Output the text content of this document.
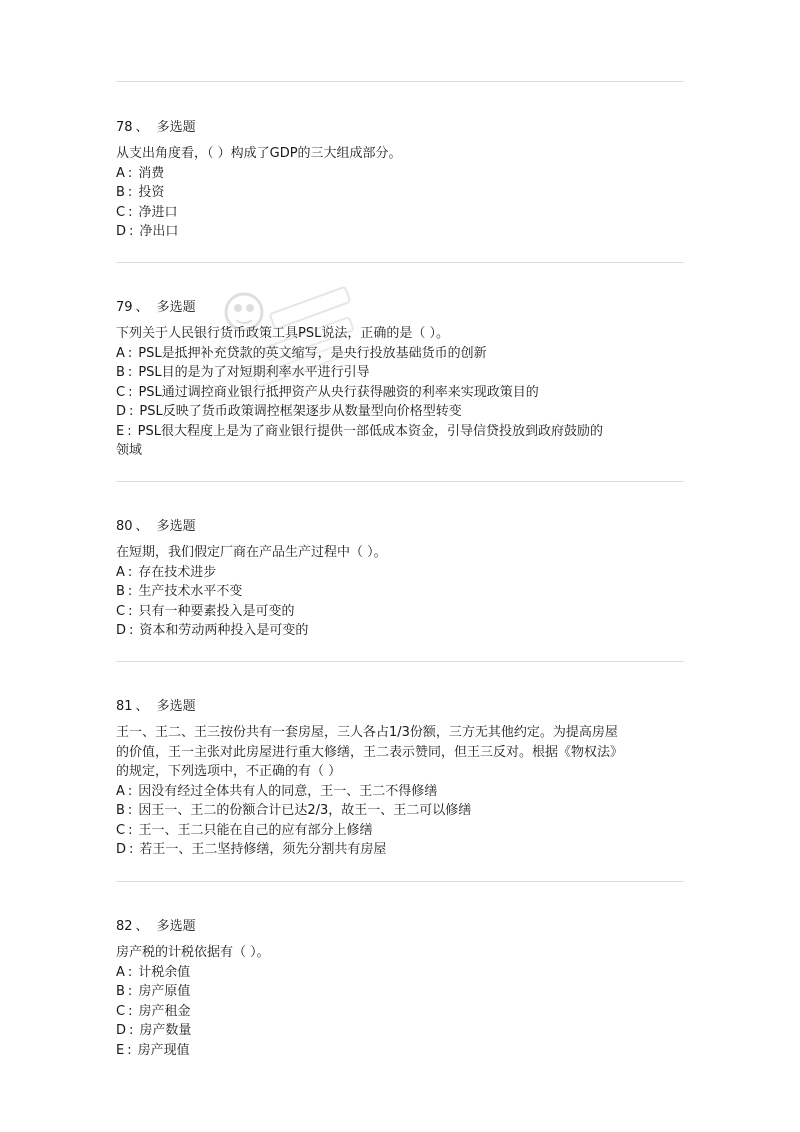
78 、 多选题
从支出角度看，（ ）构成了GDP的三大组成部分。
A : 消费
B : 投资
C : 净进口
D : 净出口
79 、 多选题
下列关于人民银行货币政策工具PSL说法，正确的是（ ）。
A : PSL是抵押补充贷款的英文缩写，是央行投放基础货币的创新
B : PSL目的是为了对短期利率水平进行引导
C : PSL通过调控商业银行抵押资产从央行获得融资的利率来实现政策目的
D : PSL反映了货币政策调控框架逐步从数量型向价格型转变
E : PSL很大程度上是为了商业银行提供一部低成本资金，引导信贷投放到政府鼓励的
领域
80 、 多选题
在短期，我们假定厂商在产品生产过程中（ ）。
A : 存在技术进步
B : 生产技术水平不变
C : 只有一种要素投入是可变的
D : 资本和劳动两种投入是可变的
81 、 多选题
王一、王二、王三按份共有一套房屋，三人各占1/3份额，三方无其他约定。为提高房屋
的价值，王一主张对此房屋进行重大修缮，王二表示赞同，但王三反对。根据《物权法》
的规定，下列选项中，不正确的有（ ）
A : 因没有经过全体共有人的同意，王一、王二不得修缮
B : 因王一、王二的份额合计已达2/3，故王一、王二可以修缮
C : 王一、王二只能在自己的应有部分上修缮
D : 若王一、王二坚持修缮，须先分割共有房屋
82 、 多选题
房产税的计税依据有（ ）。
A : 计税余值
B : 房产原值
C : 房产租金
D : 房产数量
E : 房产现值
